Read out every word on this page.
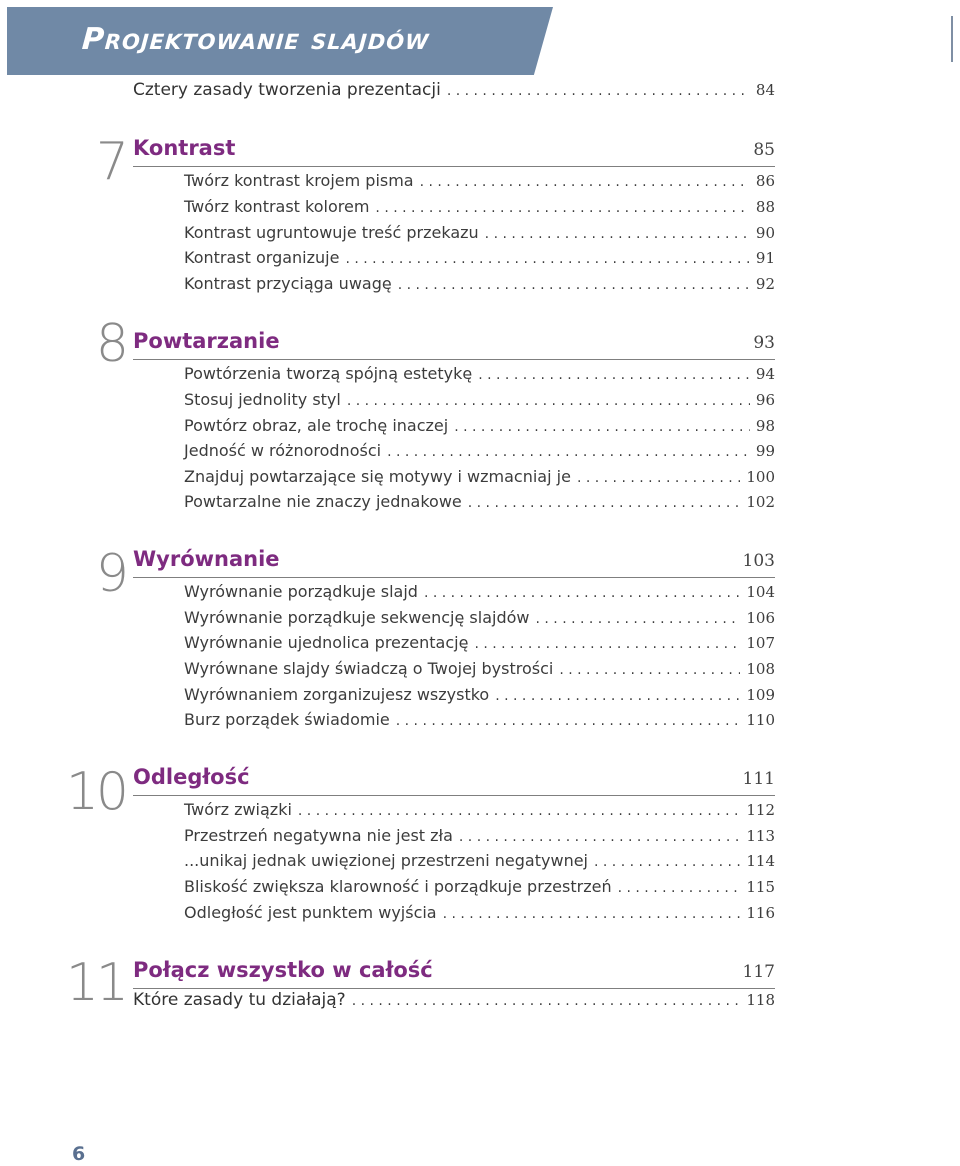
Projektowanie slajdów
Cztery zasady tworzenia prezentacji . . .	84
7 Kontrast	85
Twórz kontrast krojem pisma . . .	86
Twórz kontrast kolorem . . .	88
Kontrast ugruntowuje treść przekazu . . .	90
Kontrast organizuje . . .	91
Kontrast przyciąga uwagę . . .	92
8 Powtarzanie	93
Powtórzenia tworzą spójną estetykę . . .	94
Stosuj jednolity styl . . .	96
Powtórz obraz, ale trochę inaczej . . .	98
Jedność w różnorodności . . .	99
Znajduj powtarzające się motywy i wzmacniaj je . . .	100
Powtarzalne nie znaczy jednakowe . . .	102
9 Wyrównanie	103
Wyrównanie porządkuje slajd . . .	104
Wyrównanie porządkuje sekwencję slajdów . . .	106
Wyrównanie ujednolica prezentację . . .	107
Wyrównane slajdy świadczą o Twojej bystrości . . .	108
Wyrównaniem zorganizujesz wszystko . . .	109
Burz porządek świadomie . . .	110
10 Odległość	111
Twórz związki . . .	112
Przestrzeń negatywna nie jest zła . . .	113
...unikaj jednak uwięzionej przestrzeni negatywnej . . .	114
Bliskość zwiększa klarowność i porządkuje przestrzeń . . .	115
Odległość jest punktem wyjścia . . .	116
11 Połącz wszystko w całość	117
Które zasady tu działają? . . .	118
6
